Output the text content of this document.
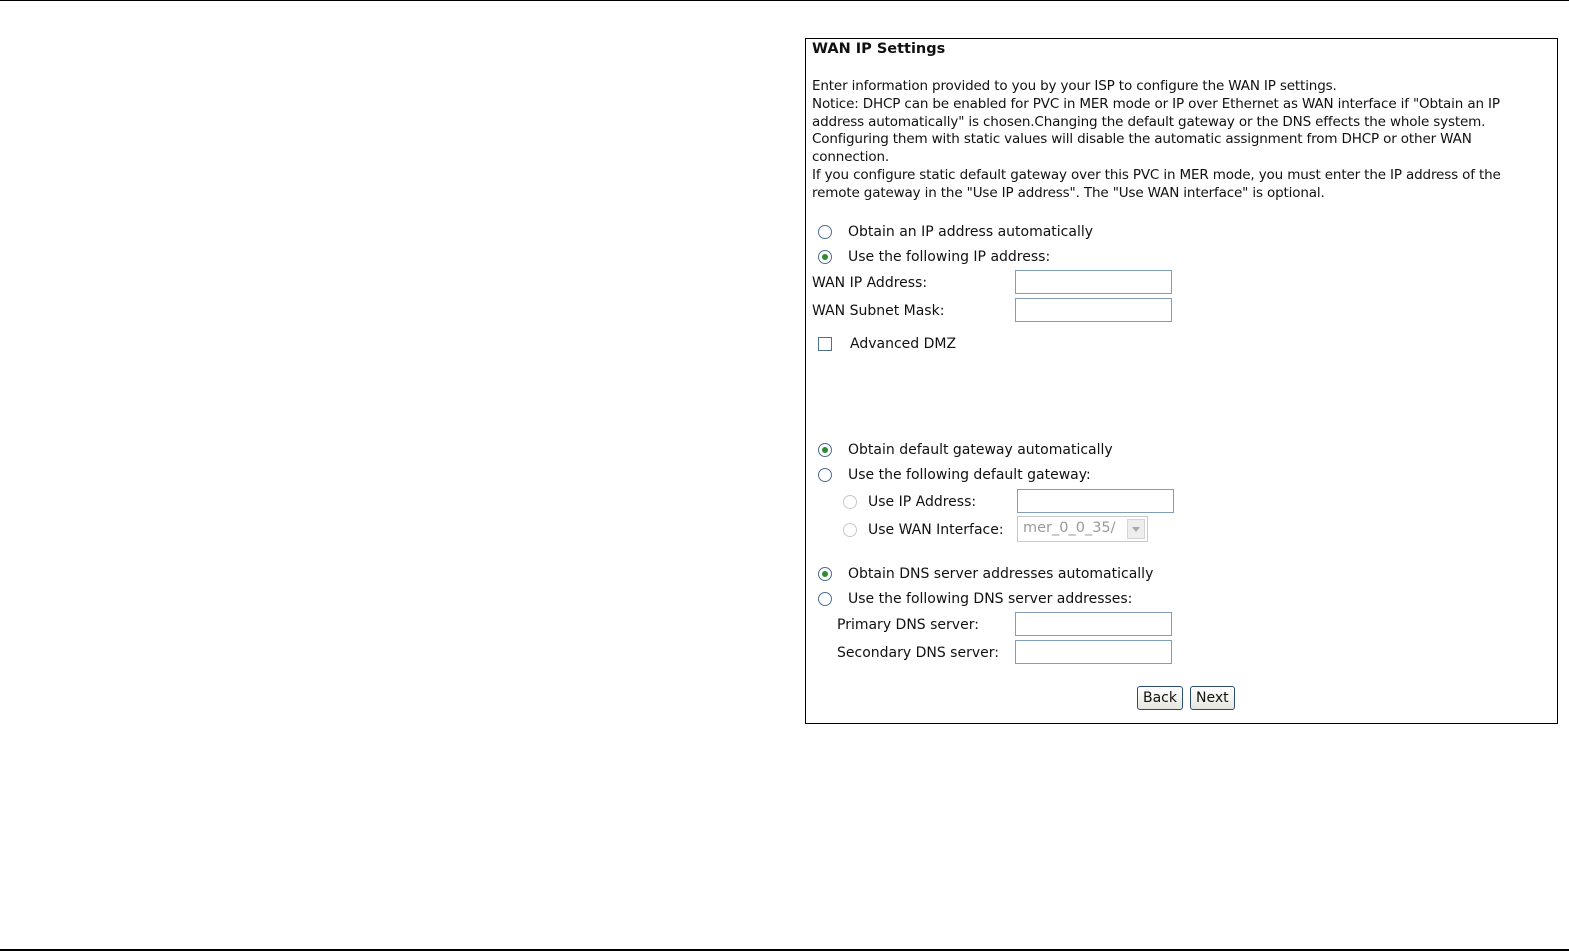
WAN IP Settings
Enter information provided to you by your ISP to configure the WAN IP settings.
Notice: DHCP can be enabled for PVC in MER mode or IP over Ethernet as WAN interface if "Obtain an IP
address automatically" is chosen.Changing the default gateway or the DNS effects the whole system.
Configuring them with static values will disable the automatic assignment from DHCP or other WAN
connection.
If you configure static default gateway over this PVC in MER mode, you must enter the IP address of the
remote gateway in the "Use IP address". The "Use WAN interface" is optional.
Obtain an IP address automatically
Use the following IP address:
WAN IP Address:
WAN Subnet Mask:
Advanced DMZ
Obtain default gateway automatically
Use the following default gateway:
Use IP Address:
Use WAN Interface: mer_0_0_35/
Obtain DNS server addresses automatically
Use the following DNS server addresses:
Primary DNS server:
Secondary DNS server:
Back	Next
